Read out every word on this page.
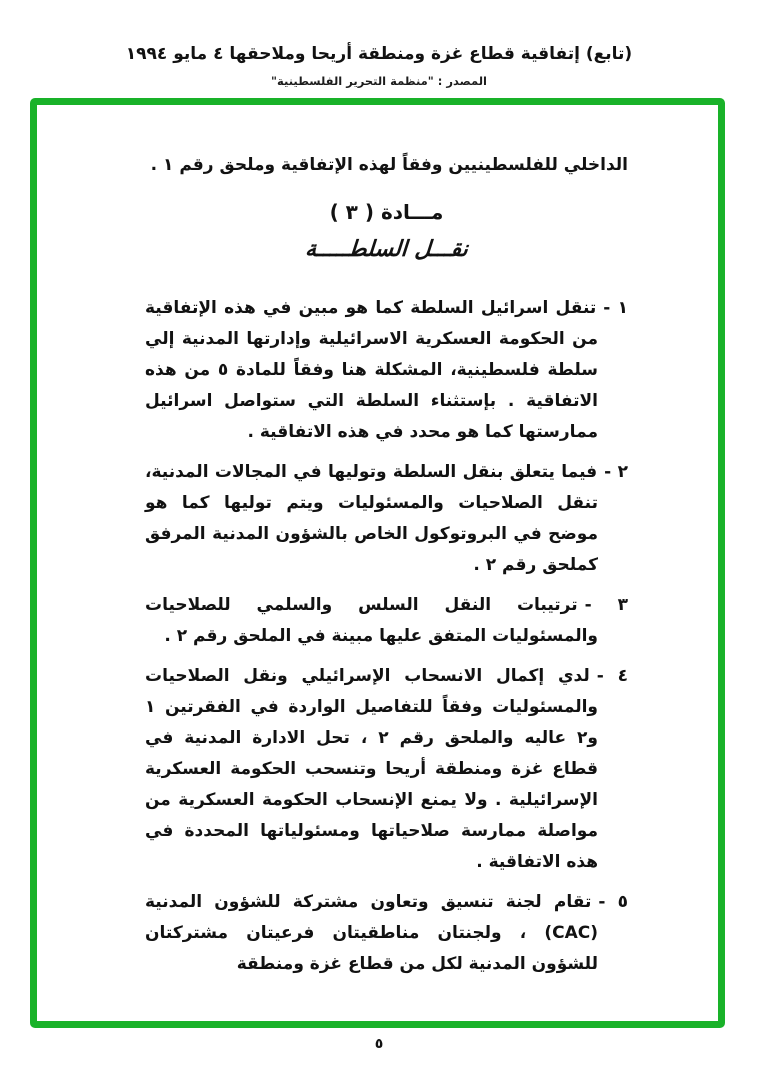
(تابع) إتفاقية قطاع غزة ومنطقة أريحا وملاحقها ٤ مايو ١٩٩٤
المصدر : "منظمة التحرير الفلسطينية"
الداخلي للفلسطينيين وفقاً لهذه الإتفاقية وملحق رقم ١ .
مـــادة ( ٣ )
نقـــل السلطـــــة
١ -تنقل اسرائيل السلطة كما هو مبين في هذه الإتفاقية من الحكومة العسكرية الاسرائيلية وإدارتها المدنية إلي سلطة فلسطينية، المشكلة هنا وفقاً للمادة ٥ من هذه الاتفاقية . بإستثناء السلطة التي ستواصل اسرائيل ممارستها كما هو محدد في هذه الاتفاقية .
٢ -فيما يتعلق بنقل السلطة وتوليها في المجالات المدنية، تنقل الصلاحيات والمسئوليات ويتم توليها كما هو موضح في البروتوكول الخاص بالشؤون المدنية المرفق كملحق رقم ٢ .
٣ -ترتيبات النقل السلس والسلمي للصلاحيات والمسئوليات المتفق عليها مبينة في الملحق رقم ٢ .
٤ -لدي إكمال الانسحاب الإسرائيلي ونقل الصلاحيات والمسئوليات وفقاً للتفاصيل الواردة في الفقرتين ١ و٢ عاليه والملحق رقم ٢ ، تحل الادارة المدنية في قطاع غزة ومنطقة أريحا وتنسحب الحكومة العسكرية الإسرائيلية . ولا يمنع الإنسحاب الحكومة العسكرية من مواصلة ممارسة صلاحياتها ومسئولياتها المحددة في هذه الاتفاقية .
٥ -تقام لجنة تنسيق وتعاون مشتركة للشؤون المدنية (CAC) ، ولجنتان مناطقيتان فرعيتان مشتركتان للشؤون المدنية لكل من قطاع غزة ومنطقة
٥
